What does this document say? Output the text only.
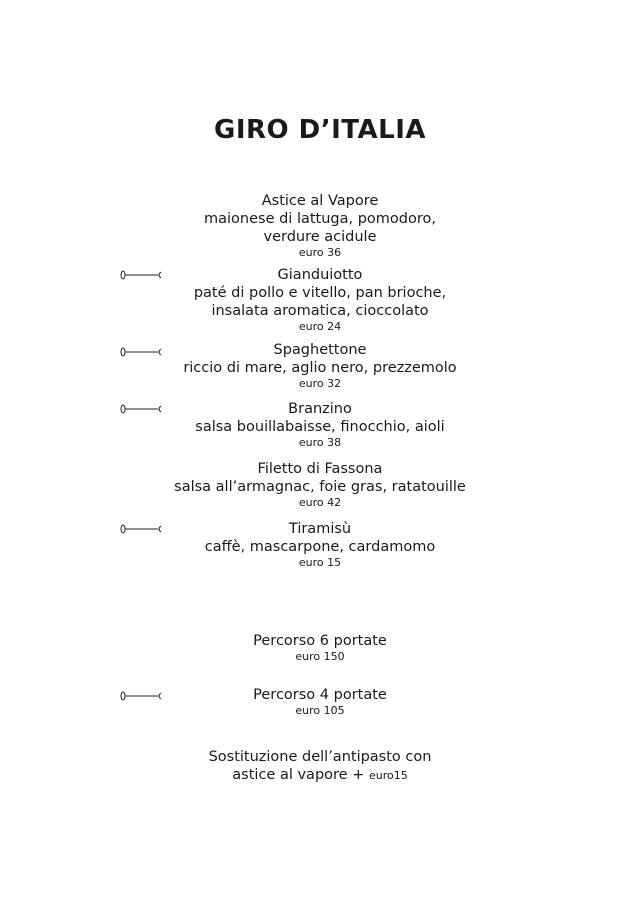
GIRO D’ITALIA
Astice al Vapore
maionese di lattuga, pomodoro,
verdure acidule
euro 36
Gianduiotto
paté di pollo e vitello, pan brioche,
insalata aromatica, cioccolato
euro 24
Spaghettone
riccio di mare, aglio nero, prezzemolo
euro 32
Branzino
salsa bouillabaisse, finocchio, aioli
euro 38
Filetto di Fassona
salsa all’armagnac, foie gras, ratatouille
euro 42
Tiramisù
caffè, mascarpone, cardamomo
euro 15
Percorso 6 portate
euro 150
Percorso 4 portate
euro 105
Sostituzione dell’antipasto con
astice al vapore + euro15
